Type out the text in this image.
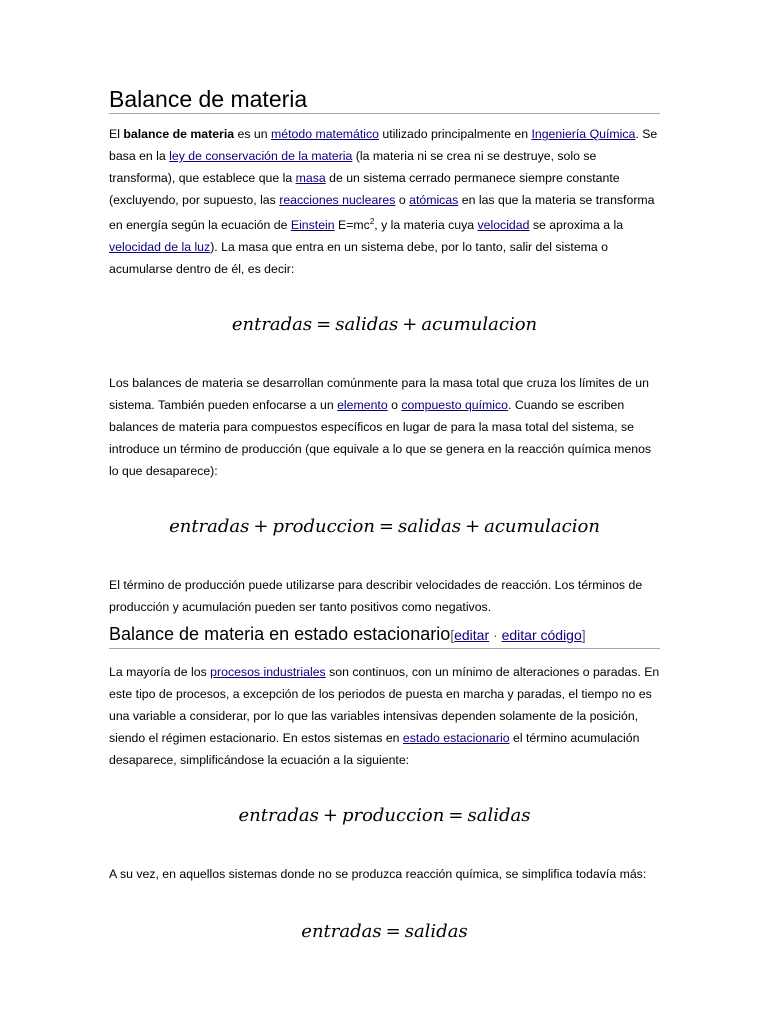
Balance de materia

El balance de materia es un método matemático utilizado principalmente en Ingeniería Química. Se basa en la ley de conservación de la materia (la materia ni se crea ni se destruye, solo se transforma), que establece que la masa de un sistema cerrado permanece siempre constante (excluyendo, por supuesto, las reacciones nucleares o atómicas en las que la materia se transforma en energía según la ecuación de Einstein $E=mc^2$, y la materia cuya velocidad se aproxima a la velocidad de la luz). La masa que entra en un sistema debe, por lo tanto, salir del sistema o acumularse dentro de él, es decir:

entradas = salidas + acumulacion

Los balances de materia se desarrollan comúnmente para la masa total que cruza los límites de un sistema. También pueden enfocarse a un elemento o compuesto químico. Cuando se escriben balances de materia para compuestos específicos en lugar de para la masa total del sistema, se introduce un término de producción (que equivale a lo que se genera en la reacción química menos lo que desaparece):

entradas + produccion = salidas + acumulacion

El término de producción puede utilizarse para describir velocidades de reacción. Los términos de producción y acumulación pueden ser tanto positivos como negativos.

Balance de materia en estado estacionario[editar · editar código]

La mayoría de los procesos industriales son continuos, con un mínimo de alteraciones o paradas. En este tipo de procesos, a excepción de los periodos de puesta en marcha y paradas, el tiempo no es una variable a considerar, por lo que las variables intensivas dependen solamente de la posición, siendo el régimen estacionario. En estos sistemas en estado estacionario el término acumulación desaparece, simplificándose la ecuación a la siguiente:

entradas + produccion = salidas

A su vez, en aquellos sistemas donde no se produzca reacción química, se simplifica todavía más:

entradas = salidas
